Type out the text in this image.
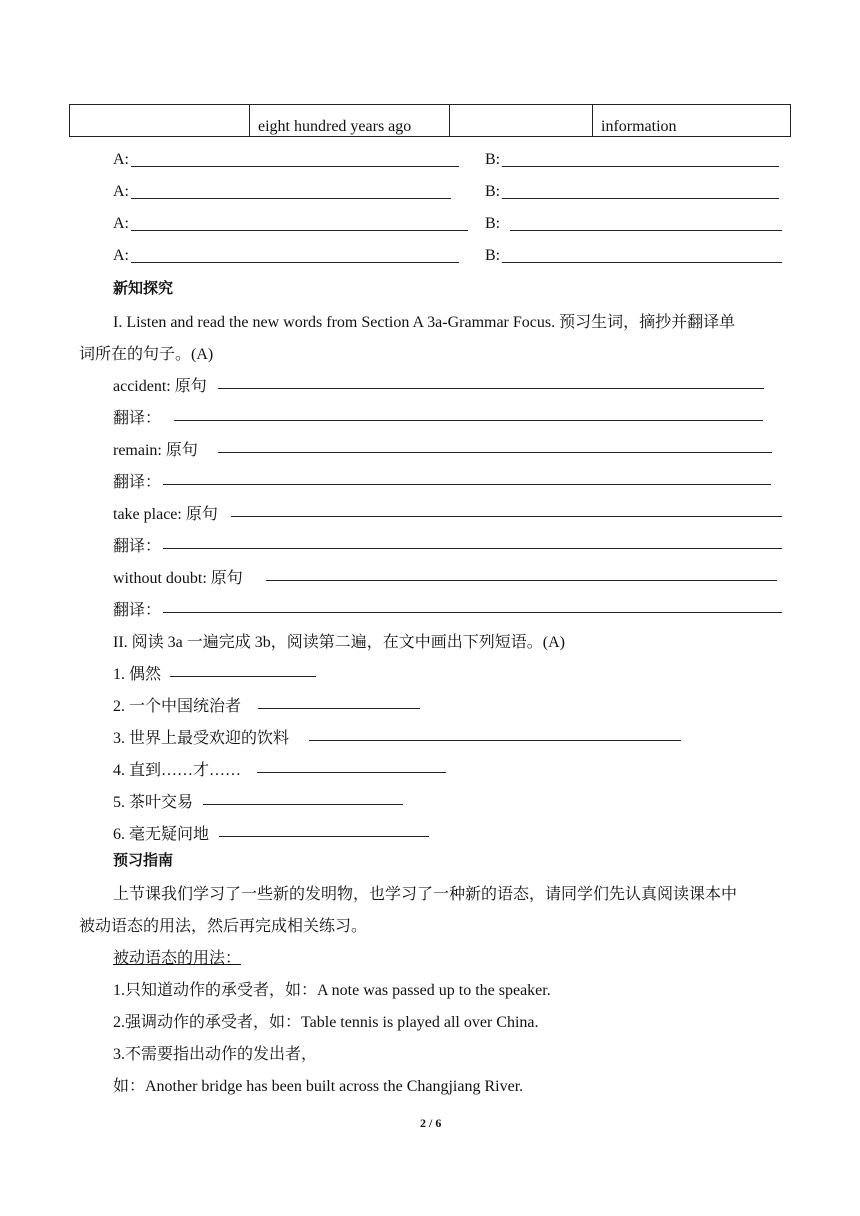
	eight hundred years ago		information
A:	B:
A:	B:
A:	B:
A:	B:
新知探究
I. Listen and read the new words from Section A 3a-Grammar Focus. 预习生词，摘抄并翻译单
词所在的句子。(A)
accident: 原句
翻译：
remain: 原句
翻译：
take place: 原句
翻译：
without doubt: 原句
翻译：
II. 阅读 3a 一遍完成 3b，阅读第二遍，在文中画出下列短语。(A)
1. 偶然
2. 一个中国统治者
3. 世界上最受欢迎的饮料
4. 直到……才……
5. 茶叶交易
6. 毫无疑问地
预习指南
上节课我们学习了一些新的发明物，也学习了一种新的语态，请同学们先认真阅读课本中
被动语态的用法，然后再完成相关练习。
被动语态的用法：
1.只知道动作的承受者，如：A note was passed up to the speaker.
2.强调动作的承受者，如：Table tennis is played all over China.
3.不需要指出动作的发出者，
如：Another bridge has been built across the Changjiang River.
2 / 6
